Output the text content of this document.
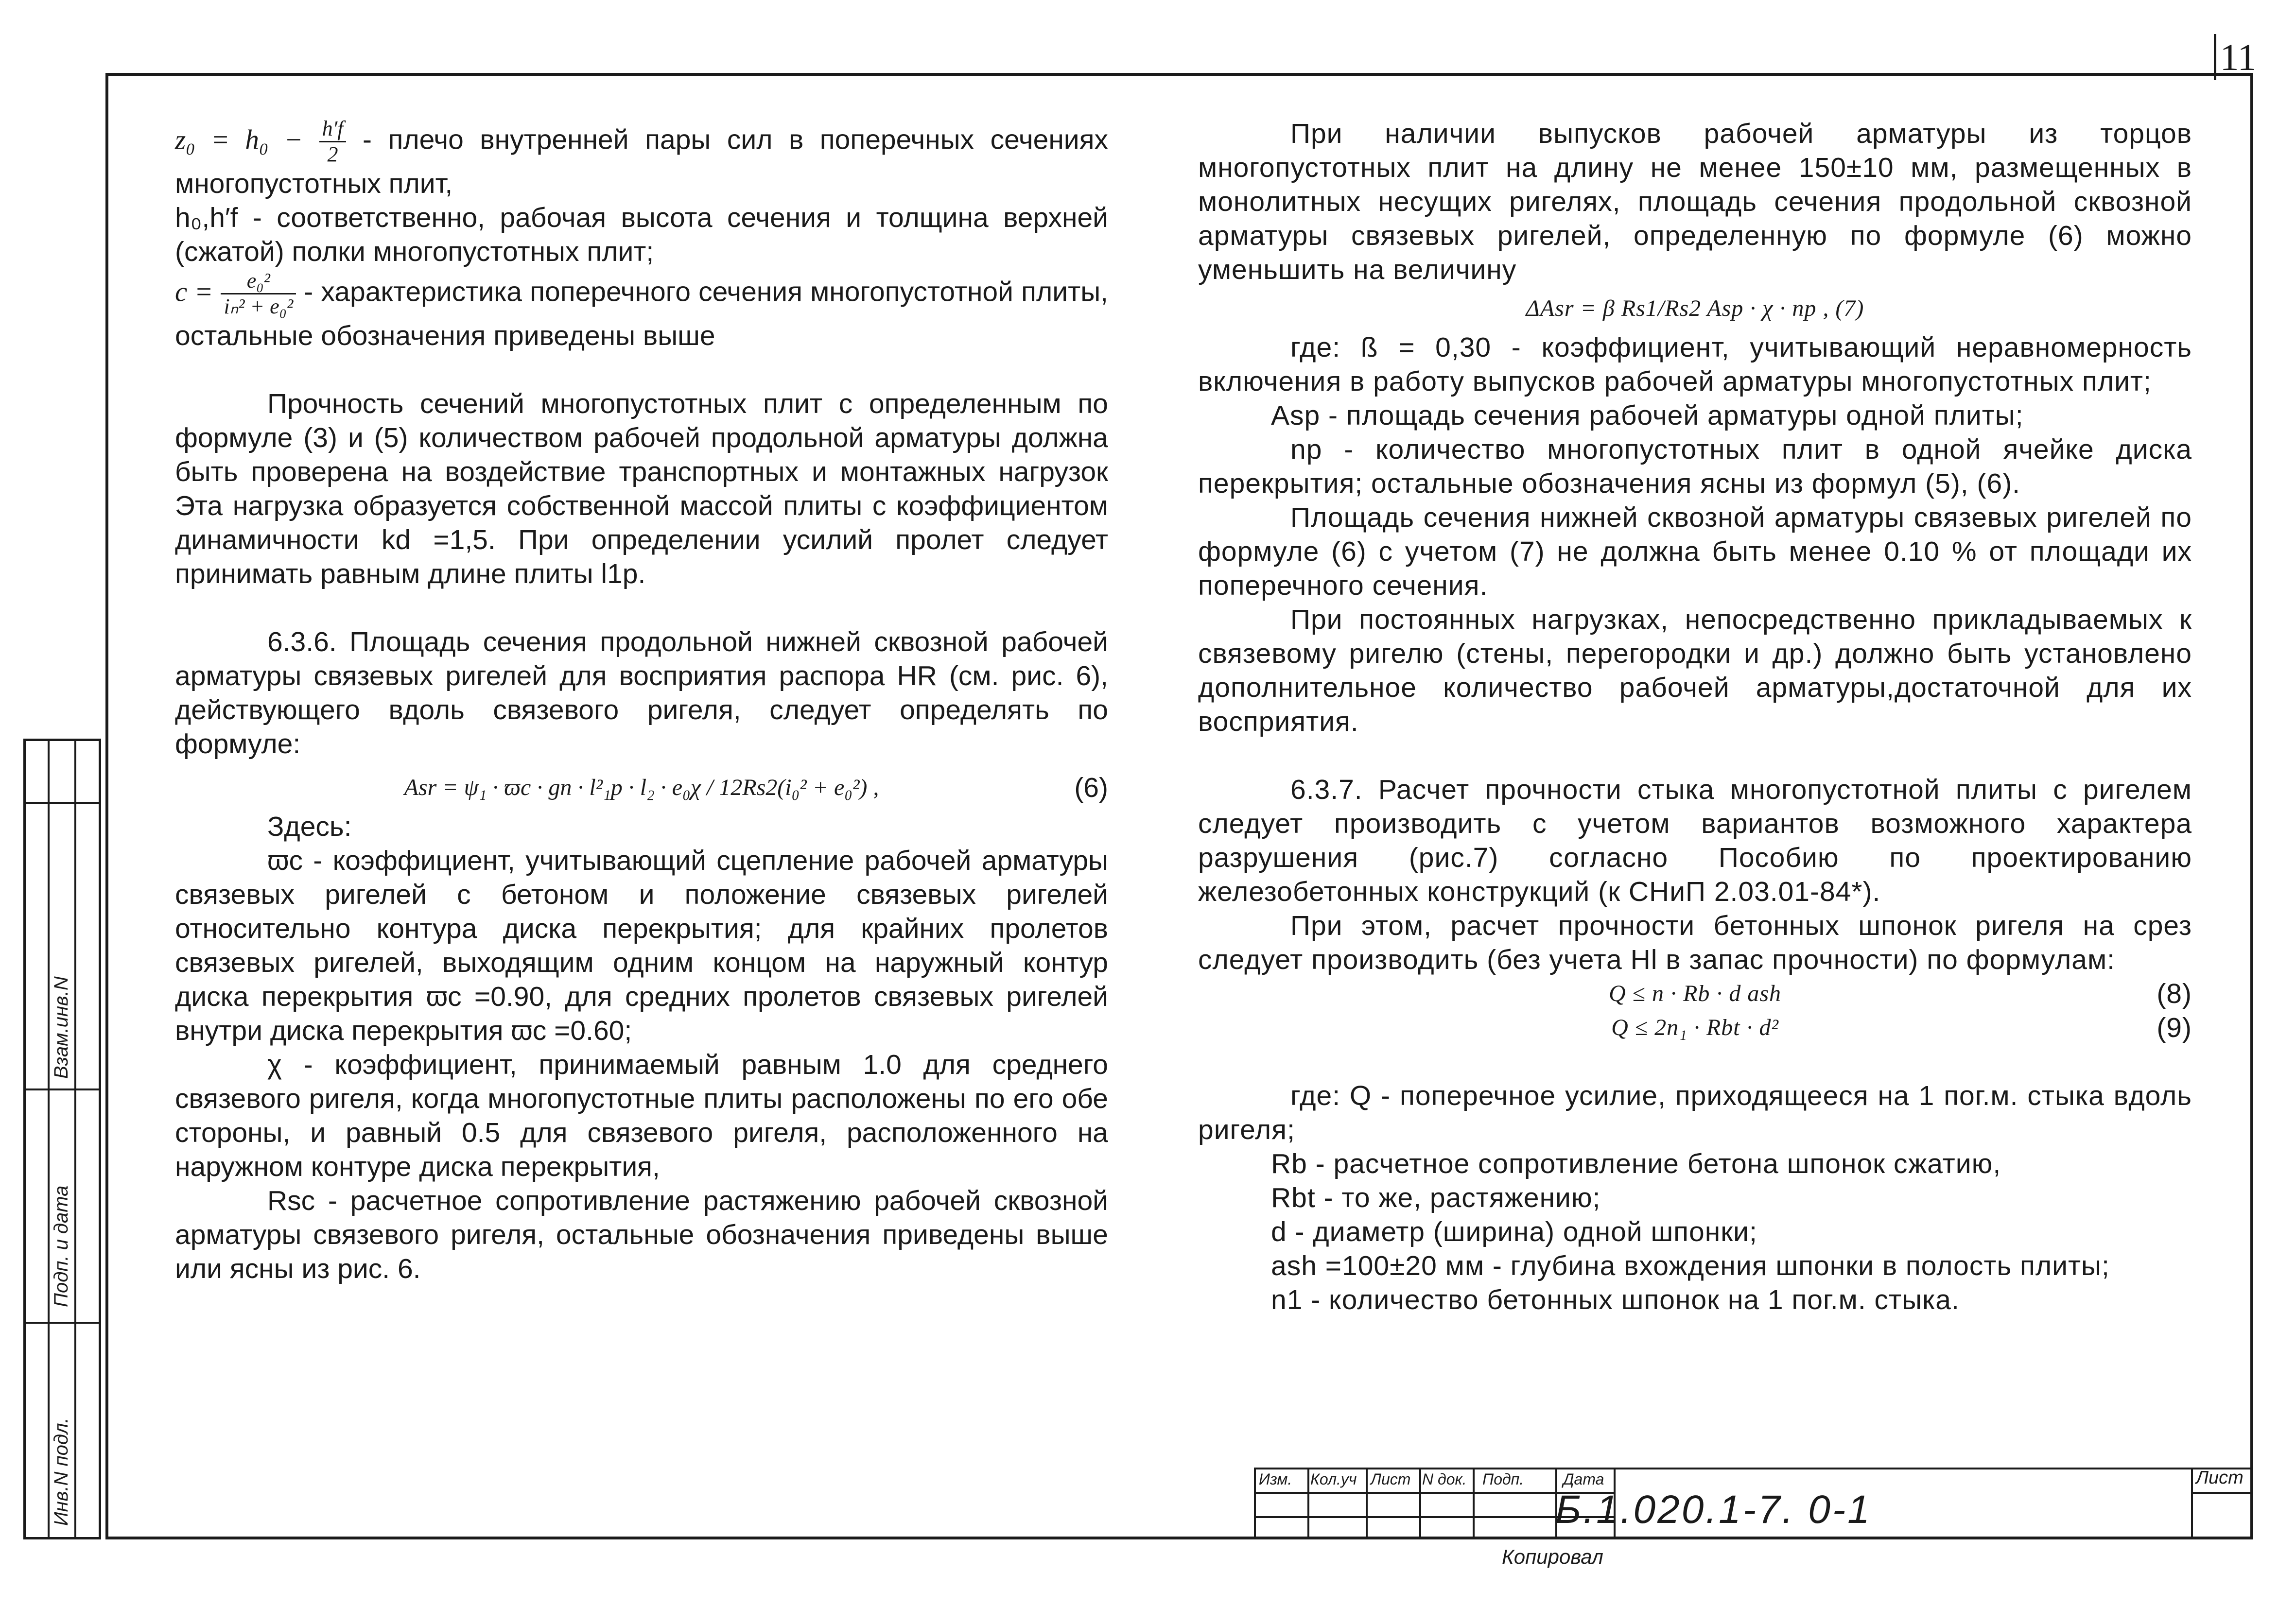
11

$z_0 = h_0 - \frac{h'f}{2}$ - плечо внутренней пары сил в поперечных сечениях многопустотных плит,

h₀,h′f - соответственно, рабочая высота сечения и толщина верхней (сжатой) полки многопустотных плит;

$c = \frac{\text{e₀²}}{\text{iₙ² + e₀²}}$ - характеристика поперечного сечения многопустотной плиты, остальные обозначения приведены выше

Прочность сечений многопустотных плит с определенным по формуле (3) и (5) количеством рабочей продольной арматуры должна быть проверена на воздействие транспортных и монтажных нагрузок Эта нагрузка образуется собственной массой плиты с коэффициентом динамичности kd =1,5. При определении усилий пролет следует принимать равным длине плиты l1p.

6.3.6. Площадь сечения продольной нижней сквозной рабочей арматуры связевых ригелей для восприятия распора HR (см. рис. 6), действующего вдоль связевого ригеля, следует определять по формуле:

Asr = ψ₁ · ϖc · gn · l²₁p · l₂ · e₀χ / 12Rs2(i₀² + e₀²) ,	(6)

Здесь:

ϖc - коэффициент, учитывающий сцепление рабочей арматуры связевых ригелей с бетоном и положение связевых ригелей относительно контура диска перекрытия; для крайних пролетов связевых ригелей, выходящим одним концом на наружный контур диска перекрытия ϖc =0.90, для средних пролетов связевых ригелей внутри диска перекрытия ϖc =0.60;

χ - коэффициент, принимаемый равным 1.0 для среднего связевого ригеля, когда многопустотные плиты расположены по его обе стороны, и равный 0.5 для связевого ригеля, расположенного на наружном контуре диска перекрытия,

Rsc - расчетное сопротивление растяжению рабочей сквозной арматуры связевого ригеля, остальные обозначения приведены выше или ясны из рис. 6.

При наличии выпусков рабочей арматуры из торцов многопустотных плит на длину не менее 150±10 мм, размещенных в монолитных несущих ригелях, площадь сечения продольной сквозной арматуры связевых ригелей, определенную по формуле (6) можно уменьшить на величину

ΔAsr = β Rs1/Rs2 Asp · χ · np , (7)

где: ß = 0,30 - коэффициент, учитывающий неравномерность включения в работу выпусков рабочей арматуры многопустотных плит;

Asp - площадь сечения рабочей арматуры одной плиты;

np - количество многопустотных плит в одной ячейке диска перекрытия; остальные обозначения ясны из формул (5), (6).

Площадь сечения нижней сквозной арматуры связевых ригелей по формуле (6) с учетом (7) не должна быть менее 0.10 % от площади их поперечного сечения.

При постоянных нагрузках, непосредственно прикладываемых к связевому ригелю (стены, перегородки и др.) должно быть установлено дополнительное количество рабочей арматуры,достаточной для их восприятия.

6.3.7. Расчет прочности стыка многопустотной плиты с ригелем следует производить с учетом вариантов возможного характера разрушения (рис.7) согласно Пособию по проектированию железобетонных конструкций (к СНиП 2.03.01-84*).

При этом, расчет прочности бетонных шпонок ригеля на срез следует производить (без учета Hl в запас прочности) по формулам:

Q ≤ n · Rb · d ash	(8)

Q ≤ 2n₁ · Rbt · d²	(9)

где: Q - поперечное усилие, приходящееся на 1 пог.м. стыка вдоль ригеля;

Rb - расчетное сопротивление бетона шпонок сжатию,

Rbt - то же, растяжению;

d - диаметр (ширина) одной шпонки;

ash =100±20 мм - глубина вхождения шпонки в полость плиты;

n1 - количество бетонных шпонок на 1 пог.м. стыка.

Инв.N подл.
Подп. и дата
Взам.инв.N
Изм. Кол.уч Лист N док. Подп.	Дата
Б.1.020.1-7. 0-1
Лист
Копировал
